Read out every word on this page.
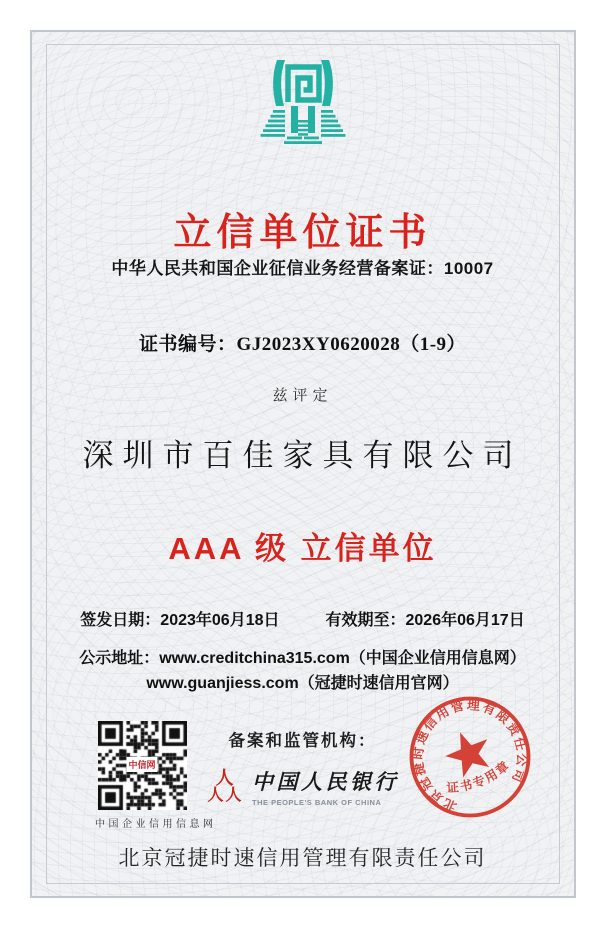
立信单位证书
中华人民共和国企业征信业务经营备案证：10007
证书编号：GJ2023XY0620028（1-9）
兹评定
深圳市百佳家具有限公司
AAA 级 立信单位
签发日期：2023年06月18日	有效期至：2026年06月17日
公示地址：www.creditchina315.com（中国企业信用信息网）
www.guanjiess.com（冠捷时速信用官网）
中信网
中国企业信用信息网
备案和监管机构：
人
人 人
中国人民银行
THE PEOPLE'S BANK OF CHINA	北京冠捷时速信用管理有限责任公司
证书专用章
北京冠捷时速信用管理有限责任公司
